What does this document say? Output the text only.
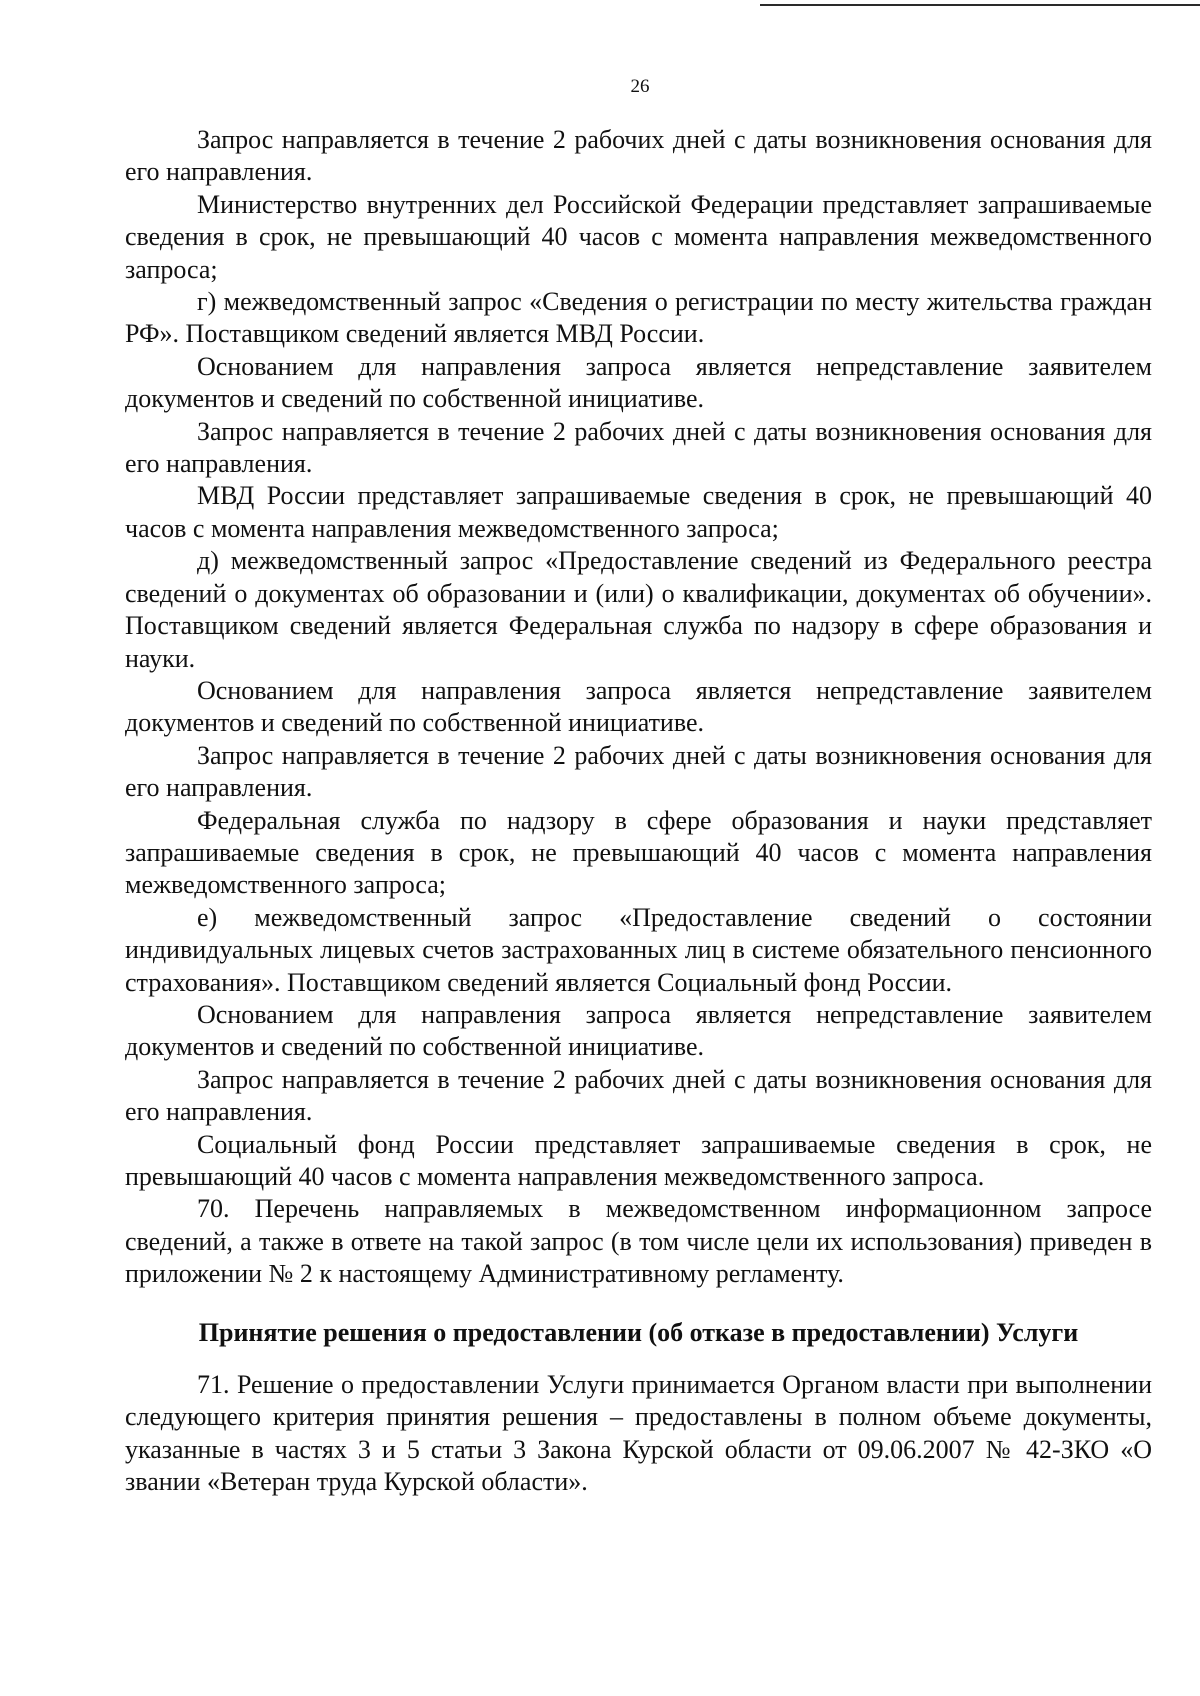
26

Запрос направляется в течение 2 рабочих дней с даты возникновения основания для его направления.

Министерство внутренних дел Российской Федерации представляет запрашиваемые сведения в срок, не превышающий 40 часов с момента направления межведомственного запроса;

г) межведомственный запрос «Сведения о регистрации по месту жительства граждан РФ». Поставщиком сведений является МВД России.

Основанием для направления запроса является непредставление заявителем документов и сведений по собственной инициативе.

Запрос направляется в течение 2 рабочих дней с даты возникновения основания для его направления.

МВД России представляет запрашиваемые сведения в срок, не превышающий 40 часов с момента направления межведомственного запроса;

д) межведомственный запрос «Предоставление сведений из Федерального реестра сведений о документах об образовании и (или) о квалификации, документах об обучении». Поставщиком сведений является Федеральная служба по надзору в сфере образования и науки.

Основанием для направления запроса является непредставление заявителем документов и сведений по собственной инициативе.

Запрос направляется в течение 2 рабочих дней с даты возникновения основания для его направления.

Федеральная служба по надзору в сфере образования и науки представляет запрашиваемые сведения в срок, не превышающий 40 часов с момента направления межведомственного запроса;

е) межведомственный запрос «Предоставление сведений о состоянии индивидуальных лицевых счетов застрахованных лиц в системе обязательного пенсионного страхования». Поставщиком сведений является Социальный фонд России.

Основанием для направления запроса является непредставление заявителем документов и сведений по собственной инициативе.

Запрос направляется в течение 2 рабочих дней с даты возникновения основания для его направления.

Социальный фонд России представляет запрашиваемые сведения в срок, не превышающий 40 часов с момента направления межведомственного запроса.

70. Перечень направляемых в межведомственном информационном запросе сведений, а также в ответе на такой запрос (в том числе цели их использования) приведен в приложении № 2 к настоящему Административному регламенту.

Принятие решения о предоставлении (об отказе в предоставлении) Услуги

71. Решение о предоставлении Услуги принимается Органом власти при выполнении следующего критерия принятия решения – предоставлены в полном объеме документы, указанные в частях 3 и 5 статьи 3 Закона Курской области от 09.06.2007 № 42-ЗКО «О звании «Ветеран труда Курской области».
